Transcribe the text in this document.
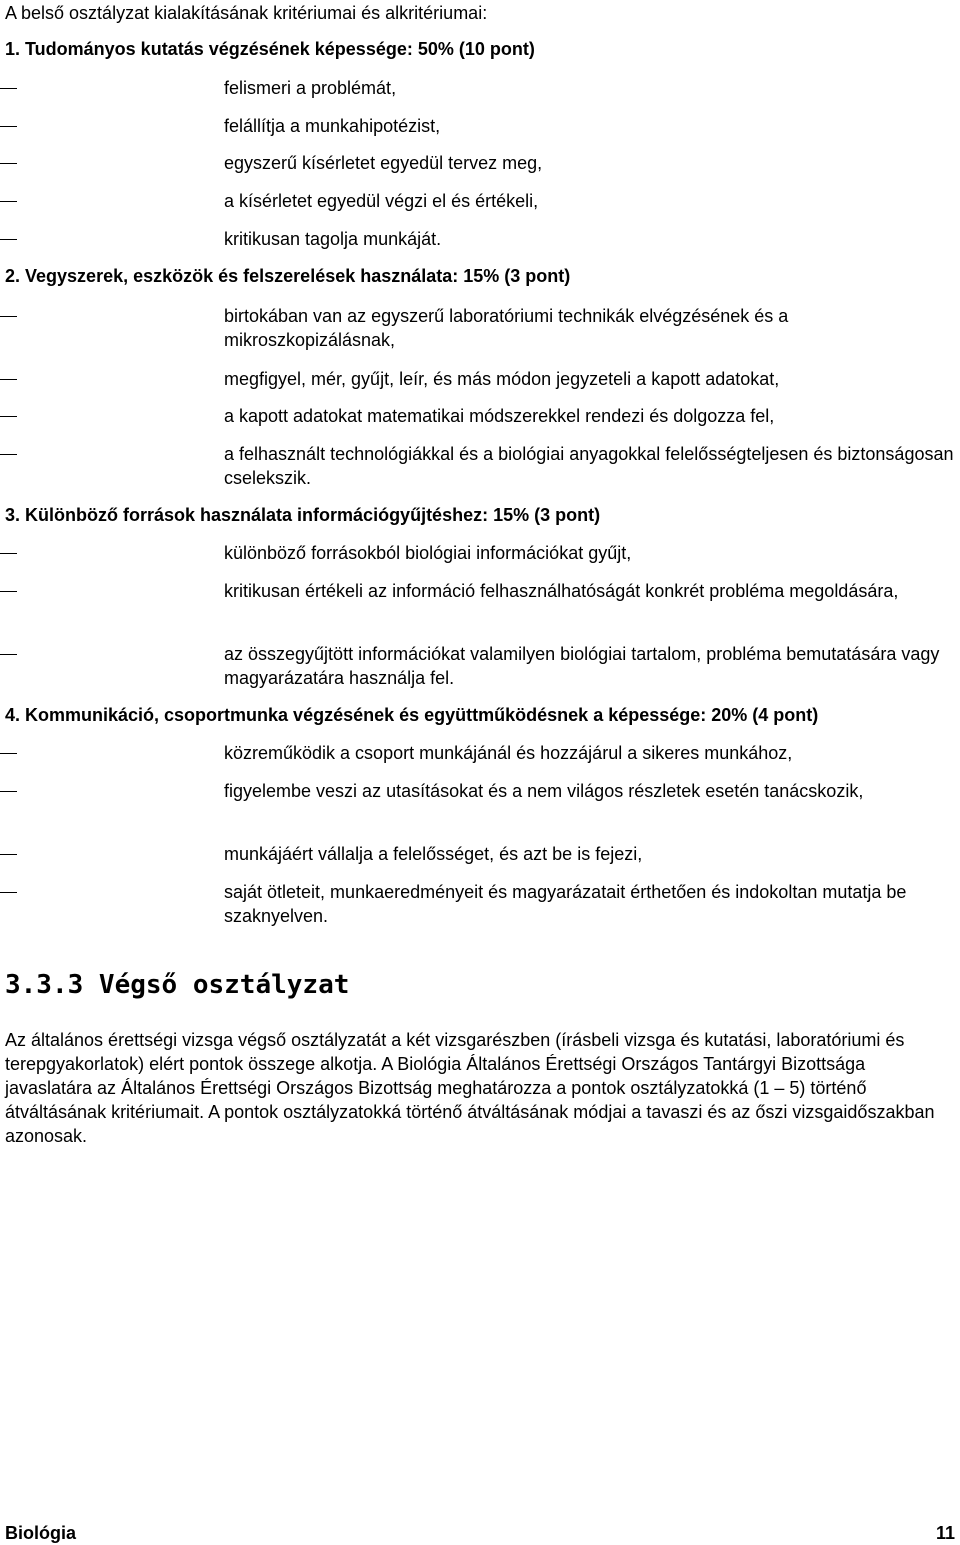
A belső osztályzat kialakításának kritériumai és alkritériumai:

1. Tudományos kutatás végzésének képessége: 50% (10 pont)

felismeri a problémát,
felállítja a munkahipotézist,
egyszerű kísérletet egyedül tervez meg,
a kísérletet egyedül végzi el és értékeli,
kritikusan tagolja munkáját.

2. Vegyszerek, eszközök és felszerelések használata: 15% (3 pont)

birtokában van az egyszerű laboratóriumi technikák elvégzésének és a mikroszkopizálásnak,
megfigyel, mér, gyűjt, leír, és más módon jegyzeteli a kapott adatokat,
a kapott adatokat matematikai módszerekkel rendezi és dolgozza fel,
a felhasznált technológiákkal és a biológiai anyagokkal felelősségteljesen és biztonságosan cselekszik.

3. Különböző források használata információgyűjtéshez: 15% (3 pont)

különböző forrásokból biológiai információkat gyűjt,
kritikusan értékeli az információ felhasználhatóságát konkrét probléma megoldására,
az összegyűjtött információkat valamilyen biológiai tartalom, probléma bemutatására vagy magyarázatára használja fel.

4. Kommunikáció, csoportmunka végzésének és együttműködésnek a képessége: 20% (4 pont)

közreműködik a csoport munkájánál és hozzájárul a sikeres munkához,
figyelembe veszi az utasításokat és a nem világos részletek esetén tanácskozik,
munkájáért vállalja a felelősséget, és azt be is fejezi,
saját ötleteit, munkaeredményeit és magyarázatait érthetően és indokoltan mutatja be szaknyelven.
3.3.3 Végső osztályzat

Az általános érettségi vizsga végső osztályzatát a két vizsgarészben (írásbeli vizsga és kutatási, laboratóriumi és terepgyakorlatok) elért pontok összege alkotja. A Biológia Általános Érettségi Országos Tantárgyi Bizottsága javaslatára az Általános Érettségi Országos Bizottság meghatározza a pontok osztályzatokká (1 – 5) történő átváltásának kritériumait. A pontok osztályzatokká történő átváltásának módjai a tavaszi és az őszi vizsgaidőszakban azonosak.

Biológia	11
